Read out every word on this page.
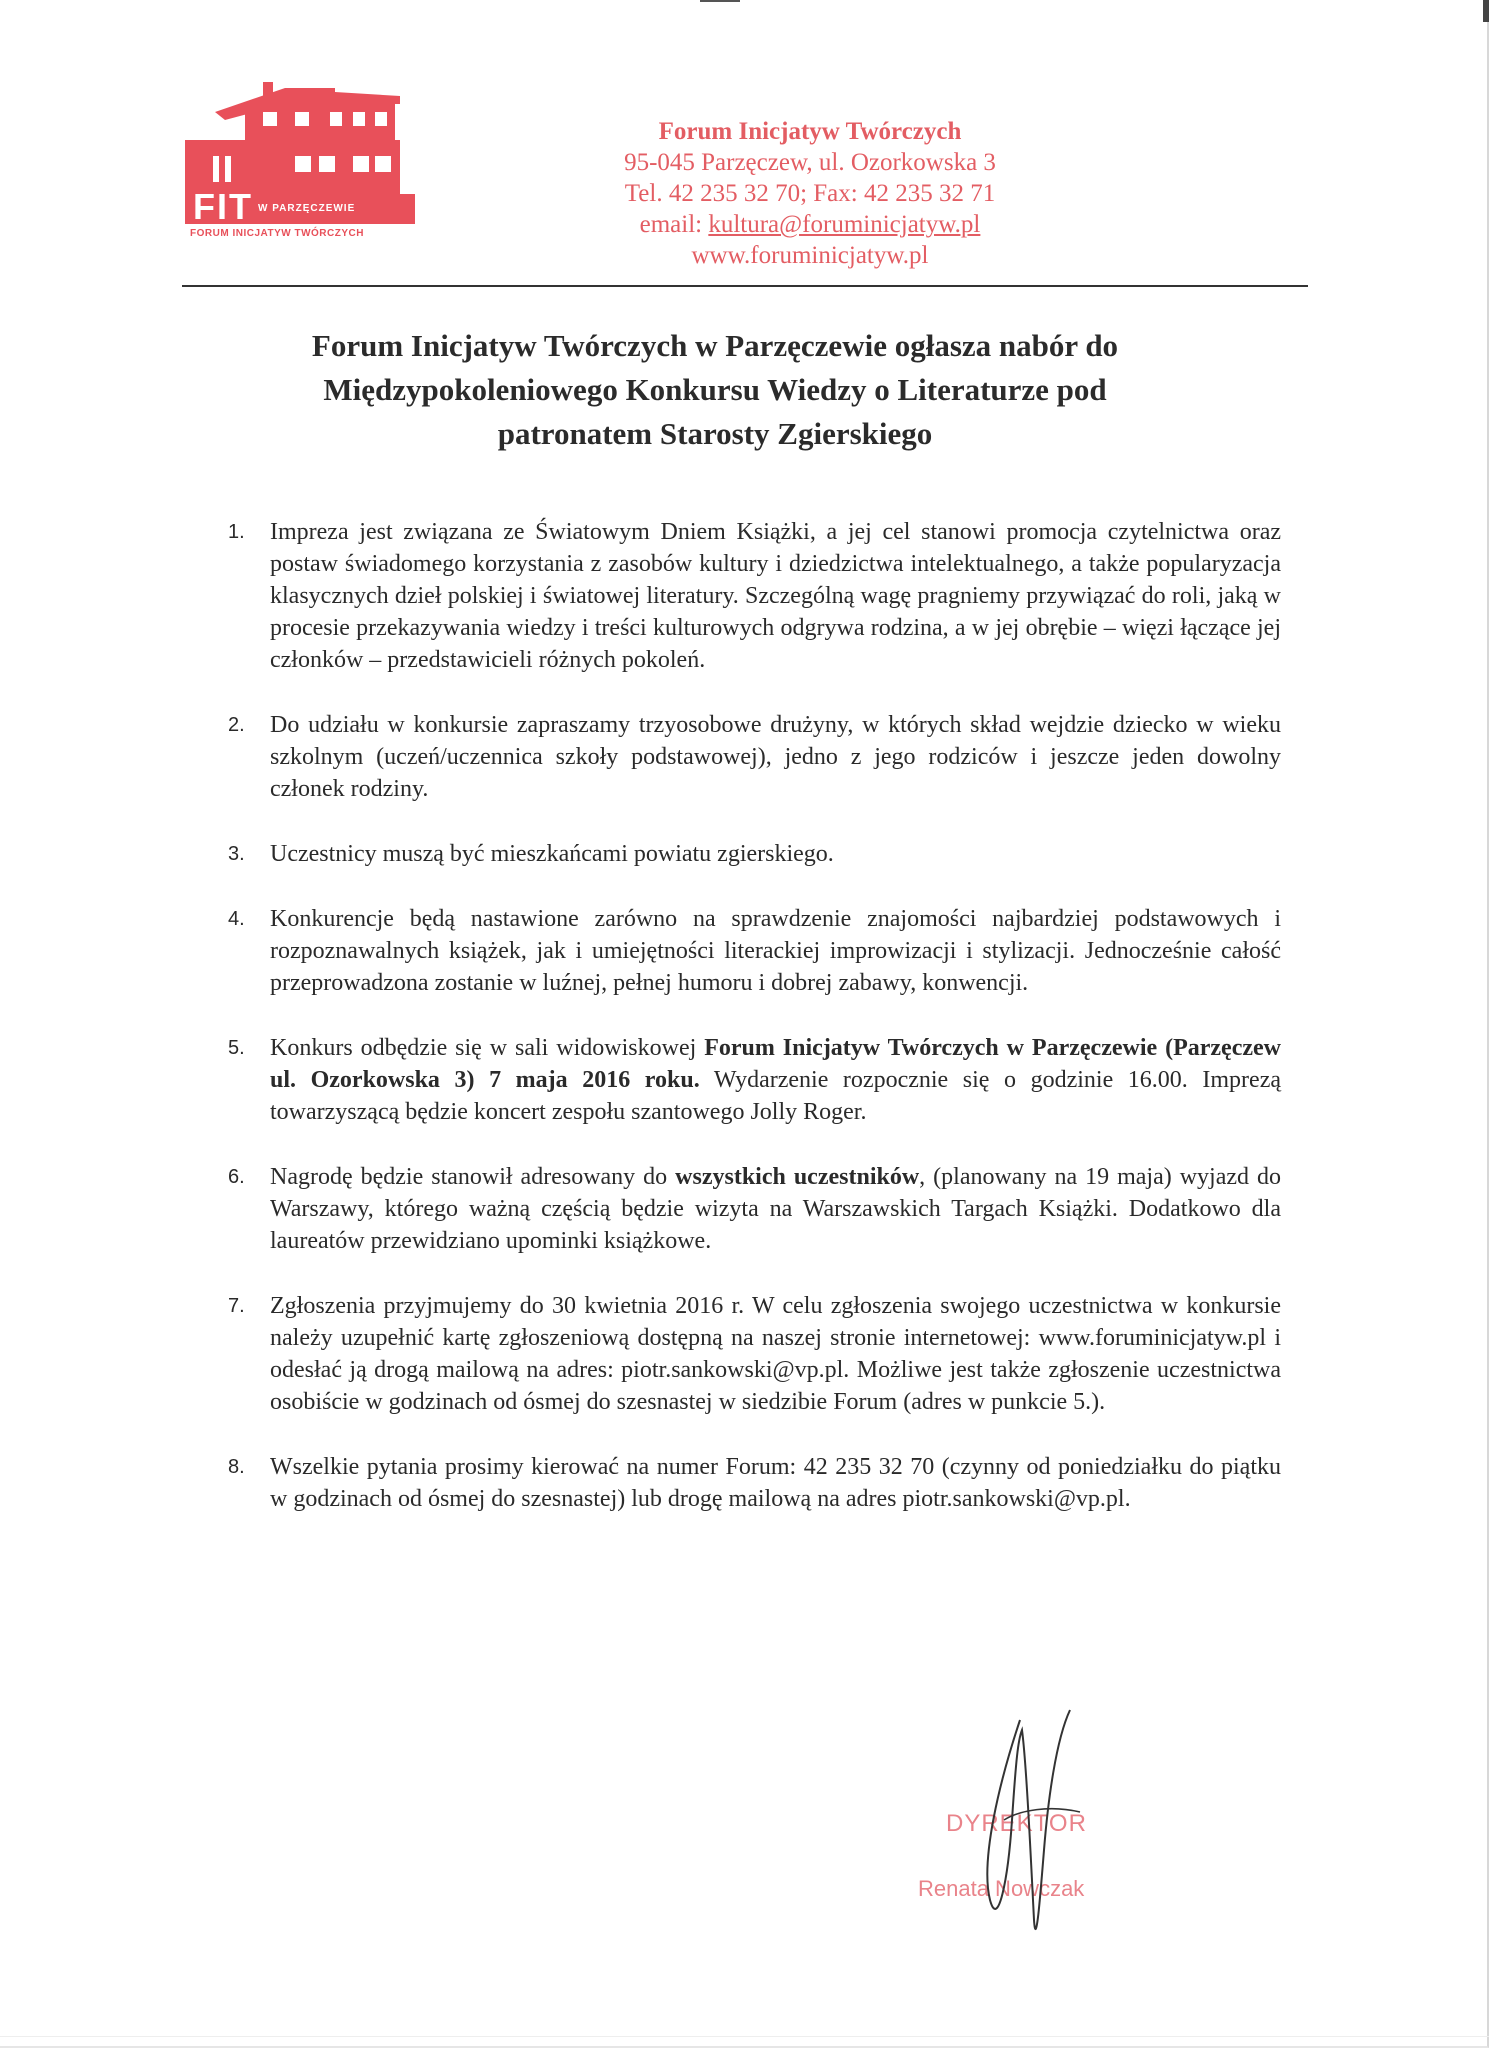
FIT W PARZĘCZEWIE
FORUM INICJATYW TWÓRCZYCH
Forum Inicjatyw Twórczych
95-045 Parzęczew, ul. Ozorkowska 3
Tel. 42 235 32 70; Fax: 42 235 32 71
email: kultura@foruminicjatyw.pl
www.foruminicjatyw.pl
Forum Inicjatyw Twórczych w Parzęczewie ogłasza nabór do
Międzypokoleniowego Konkursu Wiedzy o Literaturze pod
patronatem Starosty Zgierskiego
1. Impreza jest związana ze Światowym Dniem Książki, a jej cel stanowi promocja czytelnictwa oraz postaw świadomego korzystania z zasobów kultury i dziedzictwa intelektualnego, a także popularyzacja klasycznych dzieł polskiej i światowej literatury. Szczególną wagę pragniemy przywiązać do roli, jaką w procesie przekazywania wiedzy i treści kulturowych odgrywa rodzina, a w jej obrębie – więzi łączące jej członków – przedstawicieli różnych pokoleń.
2. Do udziału w konkursie zapraszamy trzyosobowe drużyny, w których skład wejdzie dziecko w wieku szkolnym (uczeń/uczennica szkoły podstawowej), jedno z jego rodziców i jeszcze jeden dowolny członek rodziny.
3. Uczestnicy muszą być mieszkańcami powiatu zgierskiego.
4. Konkurencje będą nastawione zarówno na sprawdzenie znajomości najbardziej podstawowych i rozpoznawalnych książek, jak i umiejętności literackiej improwizacji i stylizacji. Jednocześnie całość przeprowadzona zostanie w luźnej, pełnej humoru i dobrej zabawy, konwencji.
5. Konkurs odbędzie się w sali widowiskowej Forum Inicjatyw Twórczych w Parzęczewie (Parzęczew ul. Ozorkowska 3) 7 maja 2016 roku. Wydarzenie rozpocznie się o godzinie 16.00. Imprezą towarzyszącą będzie koncert zespołu szantowego Jolly Roger.
6. Nagrodę będzie stanowił adresowany do wszystkich uczestników, (planowany na 19 maja) wyjazd do Warszawy, którego ważną częścią będzie wizyta na Warszawskich Targach Książki. Dodatkowo dla laureatów przewidziano upominki książkowe.
7. Zgłoszenia przyjmujemy do 30 kwietnia 2016 r. W celu zgłoszenia swojego uczestnictwa w konkursie należy uzupełnić kartę zgłoszeniową dostępną na naszej stronie internetowej: www.foruminicjatyw.pl i odesłać ją drogą mailową na adres: piotr.sankowski@vp.pl. Możliwe jest także zgłoszenie uczestnictwa osobiście w godzinach od ósmej do szesnastej w siedzibie Forum (adres w punkcie 5.).
8. Wszelkie pytania prosimy kierować na numer Forum: 42 235 32 70 (czynny od poniedziałku do piątku w godzinach od ósmej do szesnastej) lub drogę mailową na adres piotr.sankowski@vp.pl.
DYREKTOR
Renata Nowczak
